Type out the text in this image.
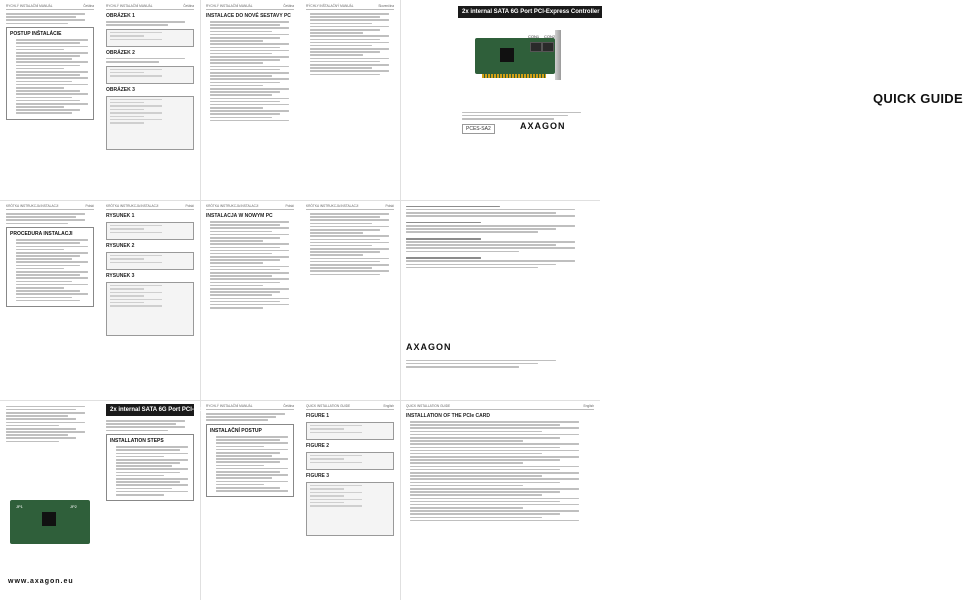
RYCHLÝ INSTALAČNÍ MANUÁL	Čeština
POSTUP INŠTALÁCIE
RYCHLÝ INSTALAČNÍ MANUÁL	Čeština
OBRÁZEK 1
OBRÁZEK 2
OBRÁZEK 3
RYCHLÝ INSTALAČNÍ MANUÁL	Čeština
INSTALACE DO NOVÉ SESTAVY PC
2x internal SATA 6G Port PCI-Express Controller
CON1 CON2
QUICK GUIDE
PCES-SA2	AXAGON
KRÓTKA INSTRUKCJA INSTALACJI	Polski
PROCEDURA INSTALACJI
KRÓTKA INSTRUKCJA INSTALACJI	Polski
RYSUNEK 1
RYSUNEK 2
RYSUNEK 3
KRÓTKA INSTRUKCJA INSTALACJI	Polski
INSTALACJA W NOWYM PC
AXAGON
JP1	JP2
www.axagon.eu
2x internal SATA 6G Port PCI-Express Controller
INSTALLATION STEPS
RYCHLÝ INSTALAČNÍ MANUÁL	Čeština
INSTALAČNÍ POSTUP
QUICK INSTALLATION GUIDE	English
FIGURE 1
FIGURE 2
FIGURE 3
QUICK INSTALLATION GUIDE	English
INSTALLATION OF THE PCIe CARD
RÝCHLY INŠTALAČNÝ MANUÁL	Slovenčina
KRÓTKA INSTRUKCJA INSTALACJI	Polski
